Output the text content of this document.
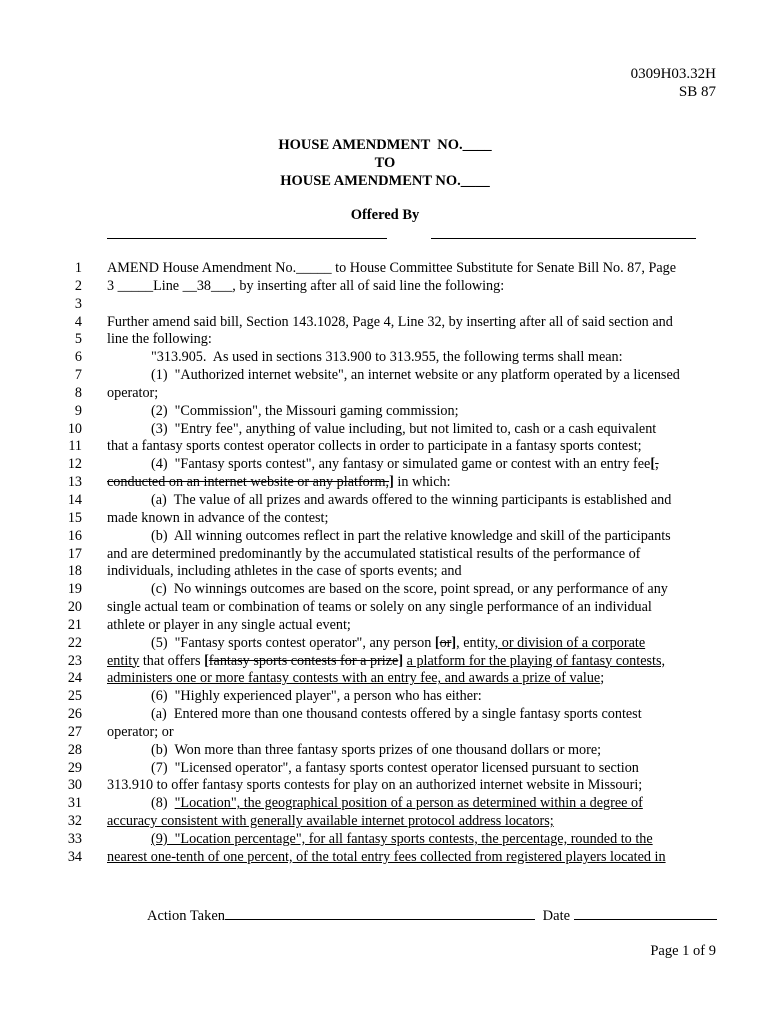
0309H03.32H
SB 87
HOUSE AMENDMENT  NO.____
TO
HOUSE AMENDMENT NO.____
Offered By
1 AMEND House Amendment No._____ to House Committee Substitute for Senate Bill No. 87, Page
2 3 _____Line __38___, by inserting after all of said line the following:
3
4 Further amend said bill, Section 143.1028, Page 4, Line 32, by inserting after all of said section and
5 line the following:
6	"313.905.  As used in sections 313.900 to 313.955, the following terms shall mean:
7	(1)  "Authorized internet website", an internet website or any platform operated by a licensed
8 operator;
9	(2)  "Commission", the Missouri gaming commission;
10	(3)  "Entry fee", anything of value including, but not limited to, cash or a cash equivalent
11 that a fantasy sports contest operator collects in order to participate in a fantasy sports contest;
12	(4)  "Fantasy sports contest", any fantasy or simulated game or contest with an entry fee[,
13 conducted on an internet website or any platform,] in which:
14	(a)  The value of all prizes and awards offered to the winning participants is established and
15 made known in advance of the contest;
16	(b)  All winning outcomes reflect in part the relative knowledge and skill of the participants
17 and are determined predominantly by the accumulated statistical results of the performance of
18 individuals, including athletes in the case of sports events; and
19	(c)  No winnings outcomes are based on the score, point spread, or any performance of any
20 single actual team or combination of teams or solely on any single performance of an individual
21 athlete or player in any single actual event;
22	(5)  "Fantasy sports contest operator", any person [or], entity, or division of a corporate
23 entity that offers [fantasy sports contests for a prize] a platform for the playing of fantasy contests,
24 administers one or more fantasy contests with an entry fee, and awards a prize of value;
25	(6)  "Highly experienced player", a person who has either:
26	(a)  Entered more than one thousand contests offered by a single fantasy sports contest
27 operator; or
28	(b)  Won more than three fantasy sports prizes of one thousand dollars or more;
29	(7)  "Licensed operator", a fantasy sports contest operator licensed pursuant to section
30 313.910 to offer fantasy sports contests for play on an authorized internet website in Missouri;
31	(8)  "Location", the geographical position of a person as determined within a degree of
32 accuracy consistent with generally available internet protocol address locators;
33	(9)  "Location percentage", for all fantasy sports contests, the percentage, rounded to the
34 nearest one-tenth of one percent, of the total entry fees collected from registered players located in
Action Taken	Date
Page 1 of 9
